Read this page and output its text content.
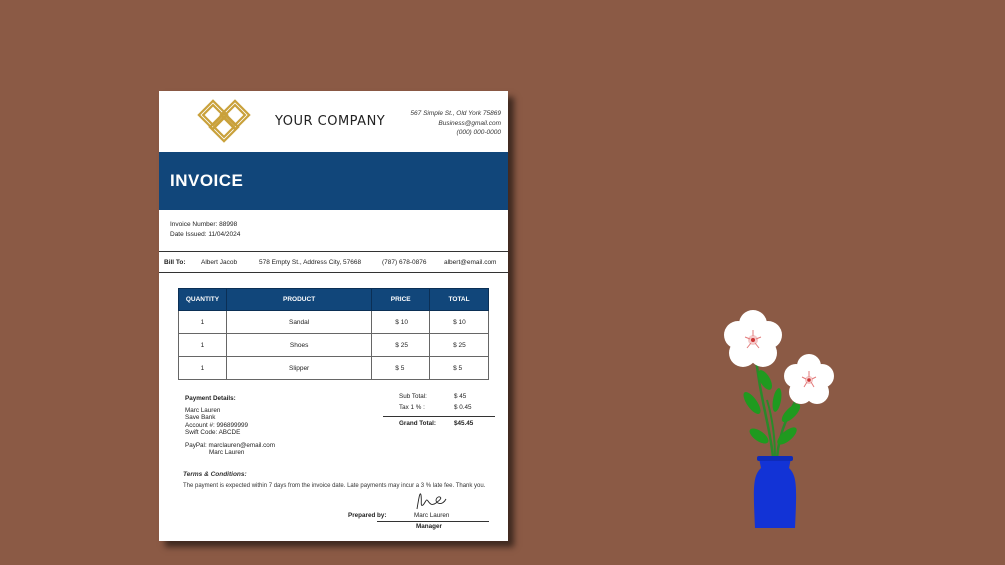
YOUR COMPANY
567 Simple St., Old York 75869
Business@gmail.com
(000) 000-0000
INVOICE
Invoice Number: 88998
Date Issued: 11/04/2024
Bill To: Albert Jacob	578 Empty St., Address City, 57668	(787) 678-0876	albert@email.com
QUANTITY	PRODUCT	PRICE	TOTAL
1	Sandal	$ 10	$ 10
1	Shoes	$ 25	$ 25
1	Slipper	$ 5	$ 5
Payment Details:
Marc Lauren
Save Bank
Account #: 996899999
Swift Code: ABCDE
PayPal: marclauren@email.com
Marc Lauren
Sub Total:	$ 45
Tax 1 % :	$ 0.45
Grand Total:	$45.45
Terms & Conditions:
The payment is expected within 7 days from the invoice date. Late payments may incur a 3 % late fee. Thank you.
Prepared by:	Marc Lauren
Manager
